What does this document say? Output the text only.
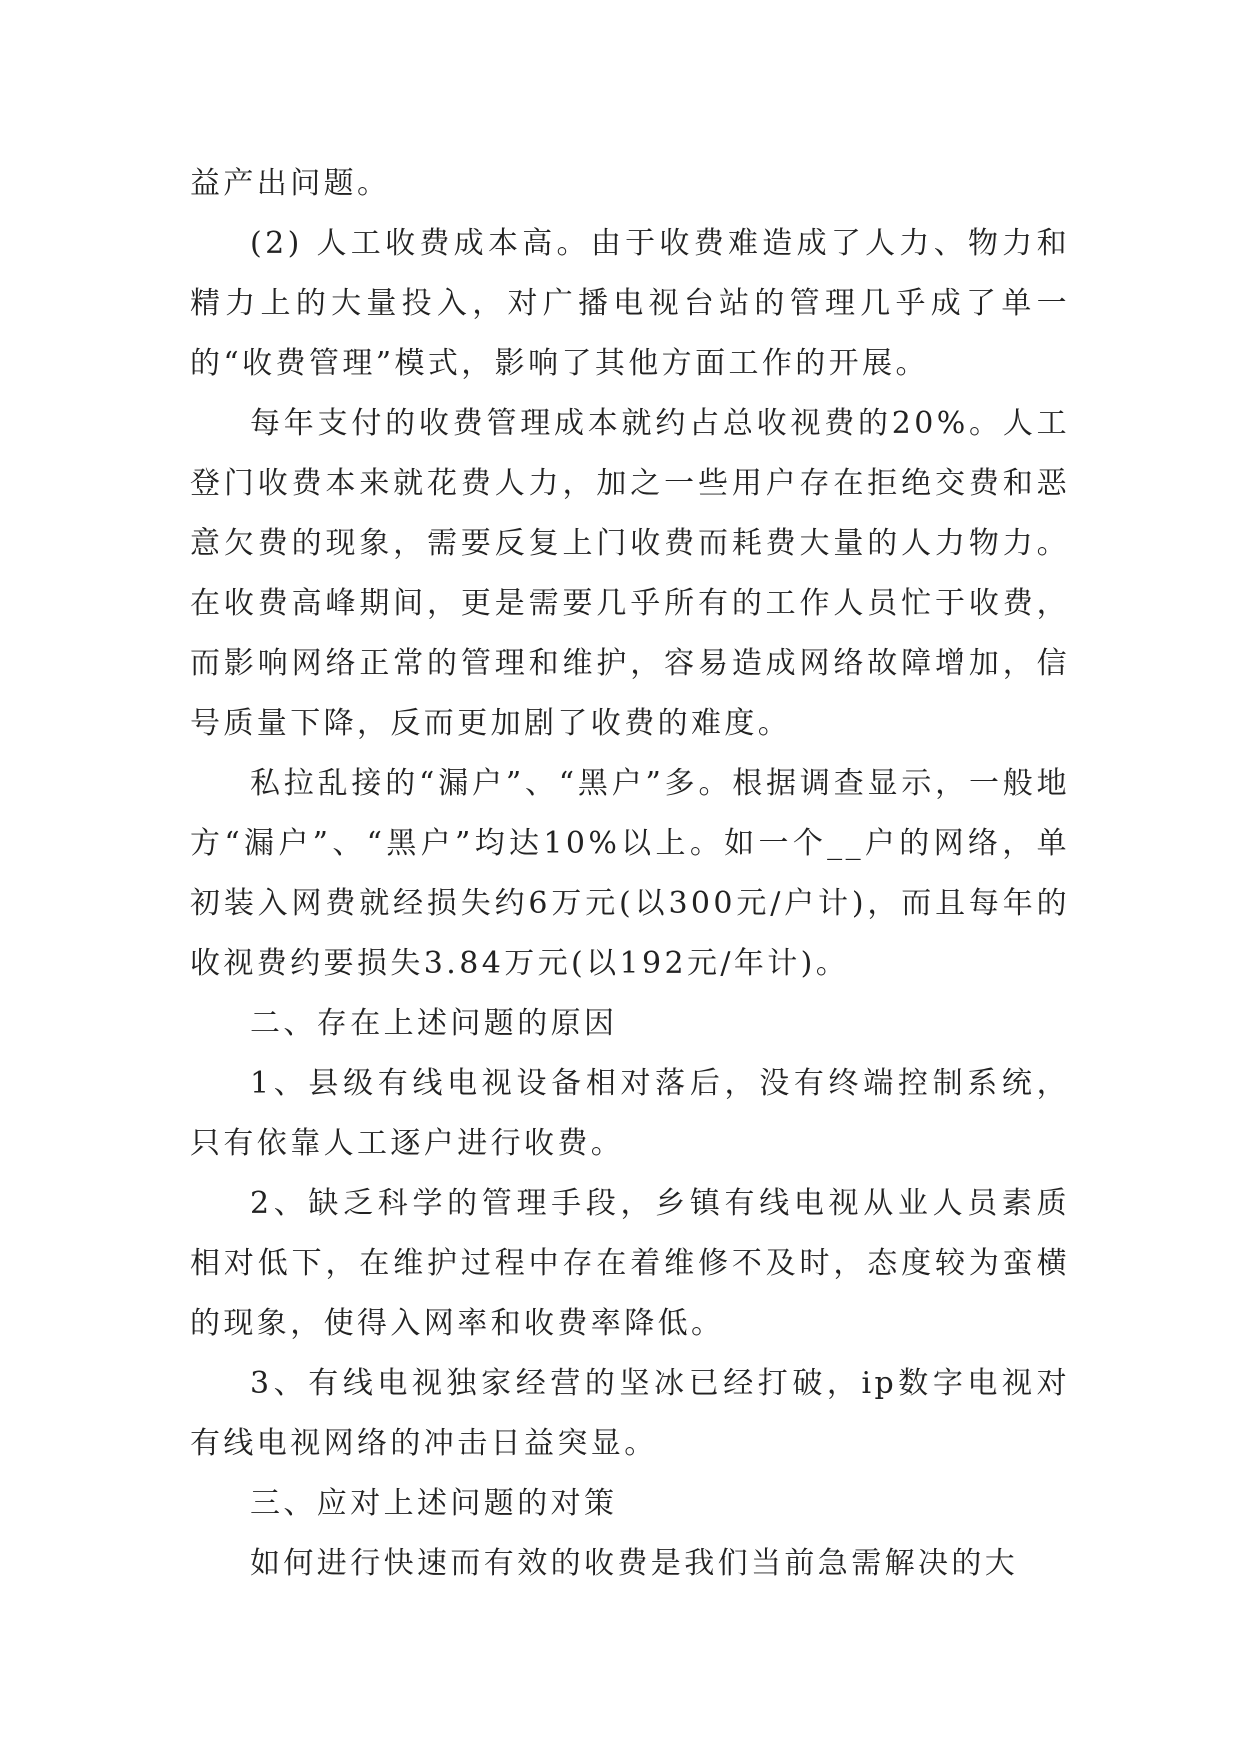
益产出问题。

(2) 人工收费成本高。由于收费难造成了人力、物力和精力上的大量投入，对广播电视台站的管理几乎成了单一的“收费管理”模式，影响了其他方面工作的开展。

每年支付的收费管理成本就约占总收视费的20%。人工登门收费本来就花费人力，加之一些用户存在拒绝交费和恶意欠费的现象，需要反复上门收费而耗费大量的人力物力。在收费高峰期间，更是需要几乎所有的工作人员忙于收费，而影响网络正常的管理和维护，容易造成网络故障增加，信号质量下降，反而更加剧了收费的难度。

私拉乱接的“漏户”、“黑户”多。根据调查显示，一般地方“漏户”、“黑户”均达10%以上。如一个__户的网络，单初装入网费就经损失约6万元(以300元/户计)，而且每年的收视费约要损失3.84万元(以192元/年计)。

二、存在上述问题的原因

1、县级有线电视设备相对落后，没有终端控制系统，只有依靠人工逐户进行收费。

2、缺乏科学的管理手段，乡镇有线电视从业人员素质相对低下，在维护过程中存在着维修不及时，态度较为蛮横的现象，使得入网率和收费率降低。

3、有线电视独家经营的坚冰已经打破，ip数字电视对有线电视网络的冲击日益突显。

三、应对上述问题的对策

如何进行快速而有效的收费是我们当前急需解决的大
